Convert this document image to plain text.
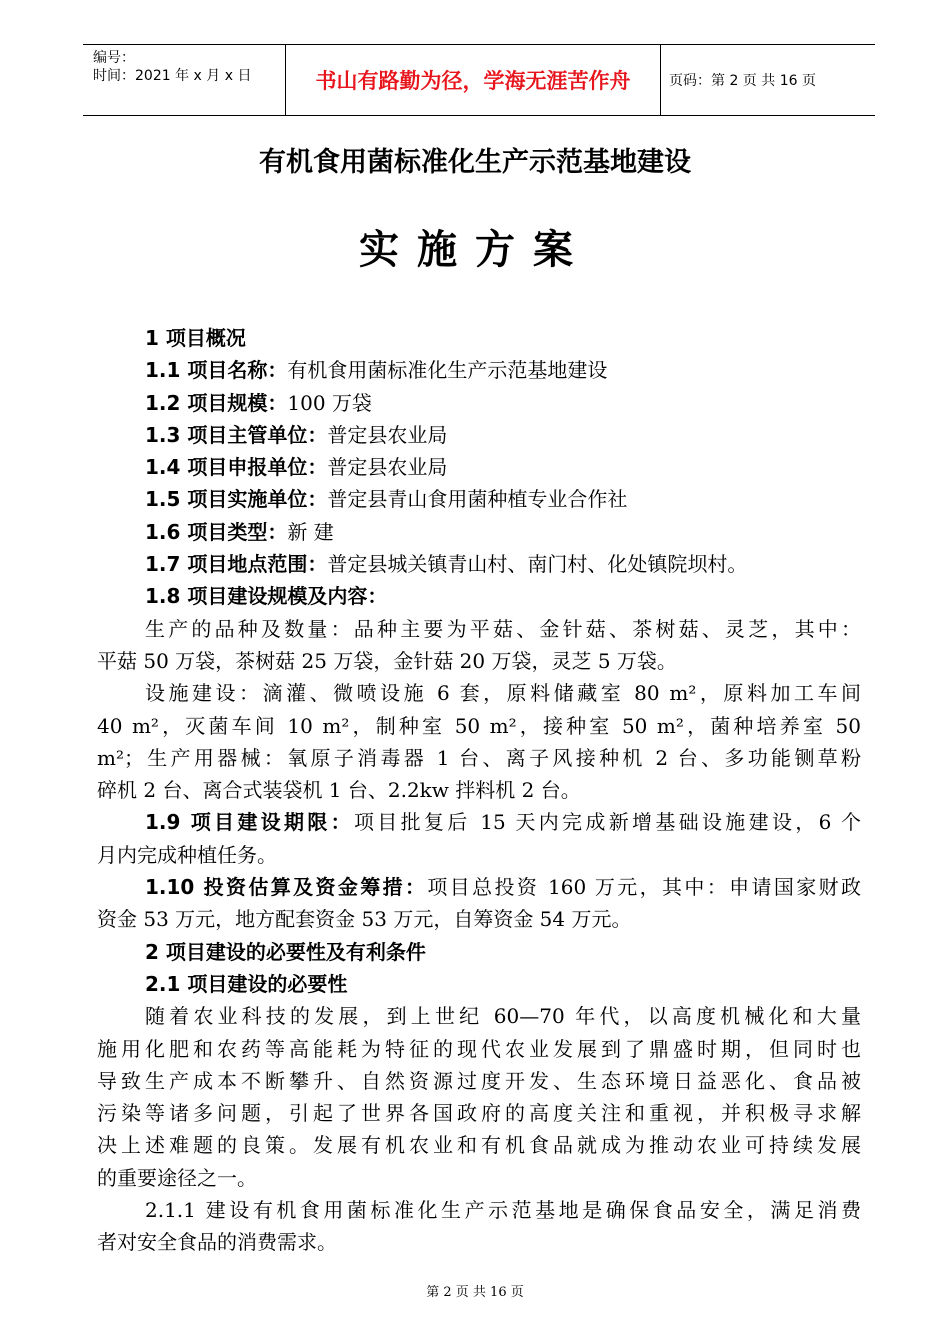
编号：
时间：2021 年 x 月 x 日	书山有路勤为径，学海无涯苦作舟	页码：第 2 页 共 16 页
有机食用菌标准化生产示范基地建设
实施方案

1 项目概况

1.1 项目名称：有机食用菌标准化生产示范基地建设

1.2 项目规模：100 万袋

1.3 项目主管单位：普定县农业局

1.4 项目申报单位：普定县农业局

1.5 项目实施单位：普定县青山食用菌种植专业合作社

1.6 项目类型：新 建

1.7 项目地点范围：普定县城关镇青山村、南门村、化处镇院坝村。

1.8 项目建设规模及内容：

生产的品种及数量：品种主要为平菇、金针菇、茶树菇、灵芝，其中：

平菇 50 万袋，茶树菇 25 万袋，金针菇 20 万袋，灵芝 5 万袋。

设施建设：滴灌、微喷设施 6 套，原料储藏室 80 m²，原料加工车间

40 m²，灭菌车间 10 m²，制种室 50 m²，接种室 50 m²，菌种培养室 50

m²；生产用器械：氧原子消毒器 1 台、离子风接种机 2 台、多功能铡草粉

碎机 2 台、离合式装袋机 1 台、2.2kw 拌料机 2 台。

1.9 项目建设期限：项目批复后 15 天内完成新增基础设施建设，6 个

月内完成种植任务。

1.10 投资估算及资金筹措：项目总投资 160 万元，其中：申请国家财政

资金 53 万元，地方配套资金 53 万元，自筹资金 54 万元。

2 项目建设的必要性及有利条件

2.1 项目建设的必要性

随着农业科技的发展，到上世纪 60—70 年代，以高度机械化和大量

施用化肥和农药等高能耗为特征的现代农业发展到了鼎盛时期，但同时也

导致生产成本不断攀升、自然资源过度开发、生态环境日益恶化、食品被

污染等诸多问题，引起了世界各国政府的高度关注和重视，并积极寻求解

决上述难题的良策。发展有机农业和有机食品就成为推动农业可持续发展

的重要途径之一。

2.1.1 建设有机食用菌标准化生产示范基地是确保食品安全，满足消费

者对安全食品的消费需求。

第 2 页 共 16 页
